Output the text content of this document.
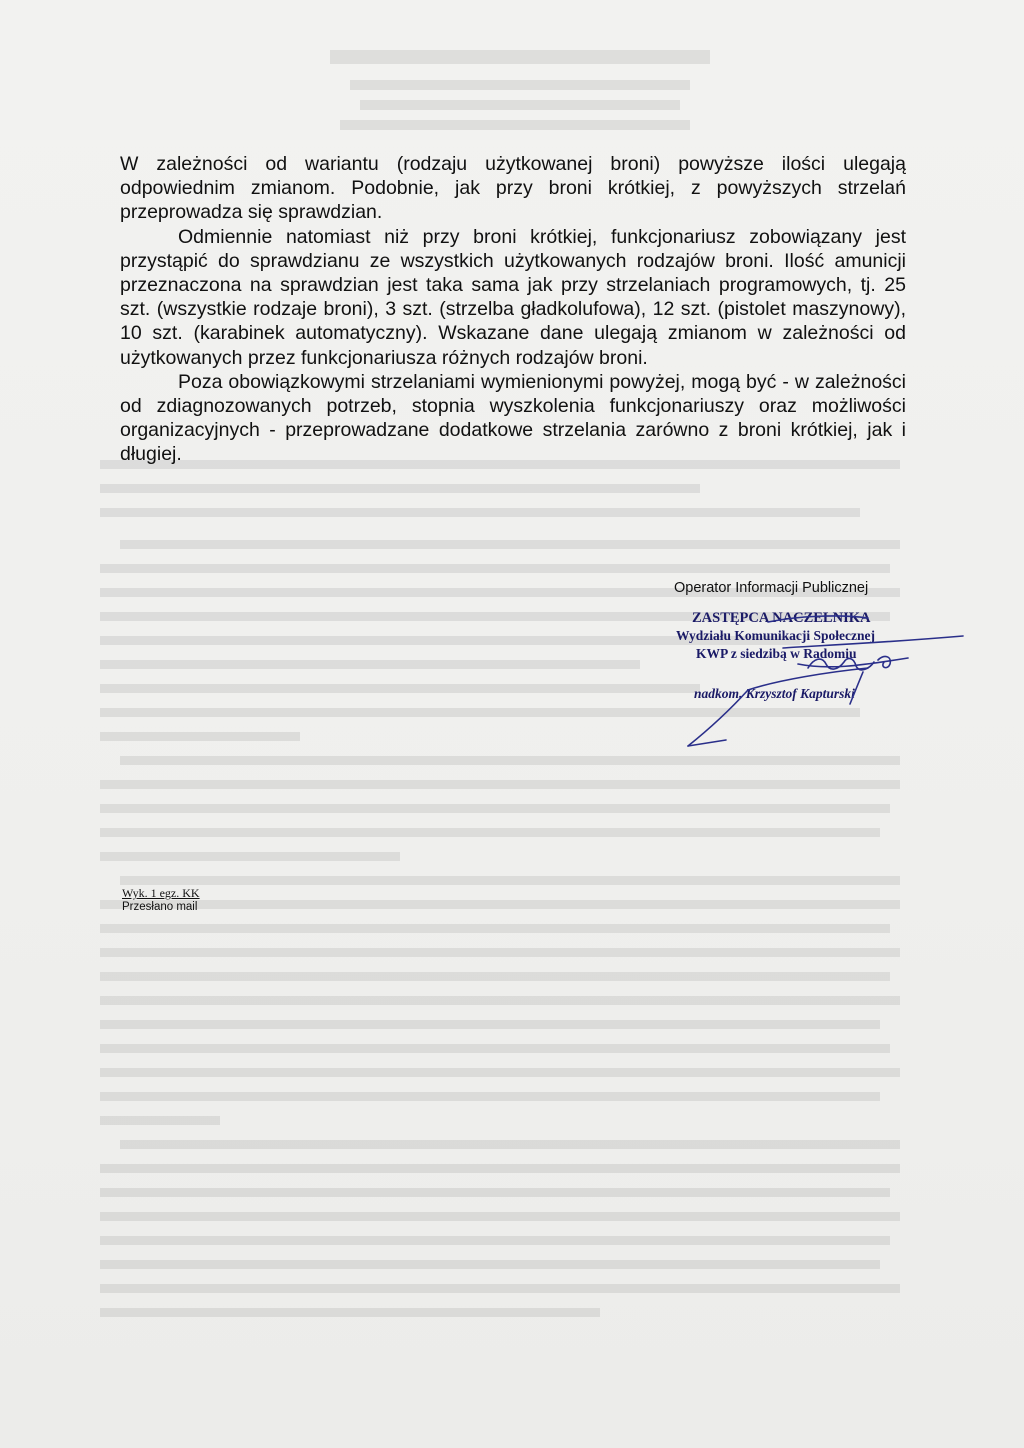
W zależności od wariantu (rodzaju użytkowanej broni) powyższe ilości ulegają odpowiednim zmianom. Podobnie, jak przy broni krótkiej, z powyższych strzelań przeprowadza się sprawdzian.

Odmiennie natomiast niż przy broni krótkiej, funkcjonariusz zobowiązany jest przystąpić do sprawdzianu ze wszystkich użytkowanych rodzajów broni. Ilość amunicji przeznaczona na sprawdzian jest taka sama jak przy strzelaniach programowych, tj. 25 szt. (wszystkie rodzaje broni), 3 szt. (strzelba gładkolufowa), 12 szt. (pistolet maszynowy), 10 szt. (karabinek automatyczny). Wskazane dane ulegają zmianom w zależności od użytkowanych przez funkcjonariusza różnych rodzajów broni.

Poza obowiązkowymi strzelaniami wymienionymi powyżej, mogą być - w zależności od zdiagnozowanych potrzeb, stopnia wyszkolenia funkcjonariuszy oraz możliwości organizacyjnych - przeprowadzane dodatkowe strzelania zarówno z broni krótkiej, jak i długiej.

Operator Informacji Publicznej
ZASTĘPCA NACZELNIKA
Wydziału Komunikacji Społecznej
KWP z siedzibą w Radomiu
nadkom. Krzysztof Kapturski
Wyk. 1 egz. KK
Przesłano mail
